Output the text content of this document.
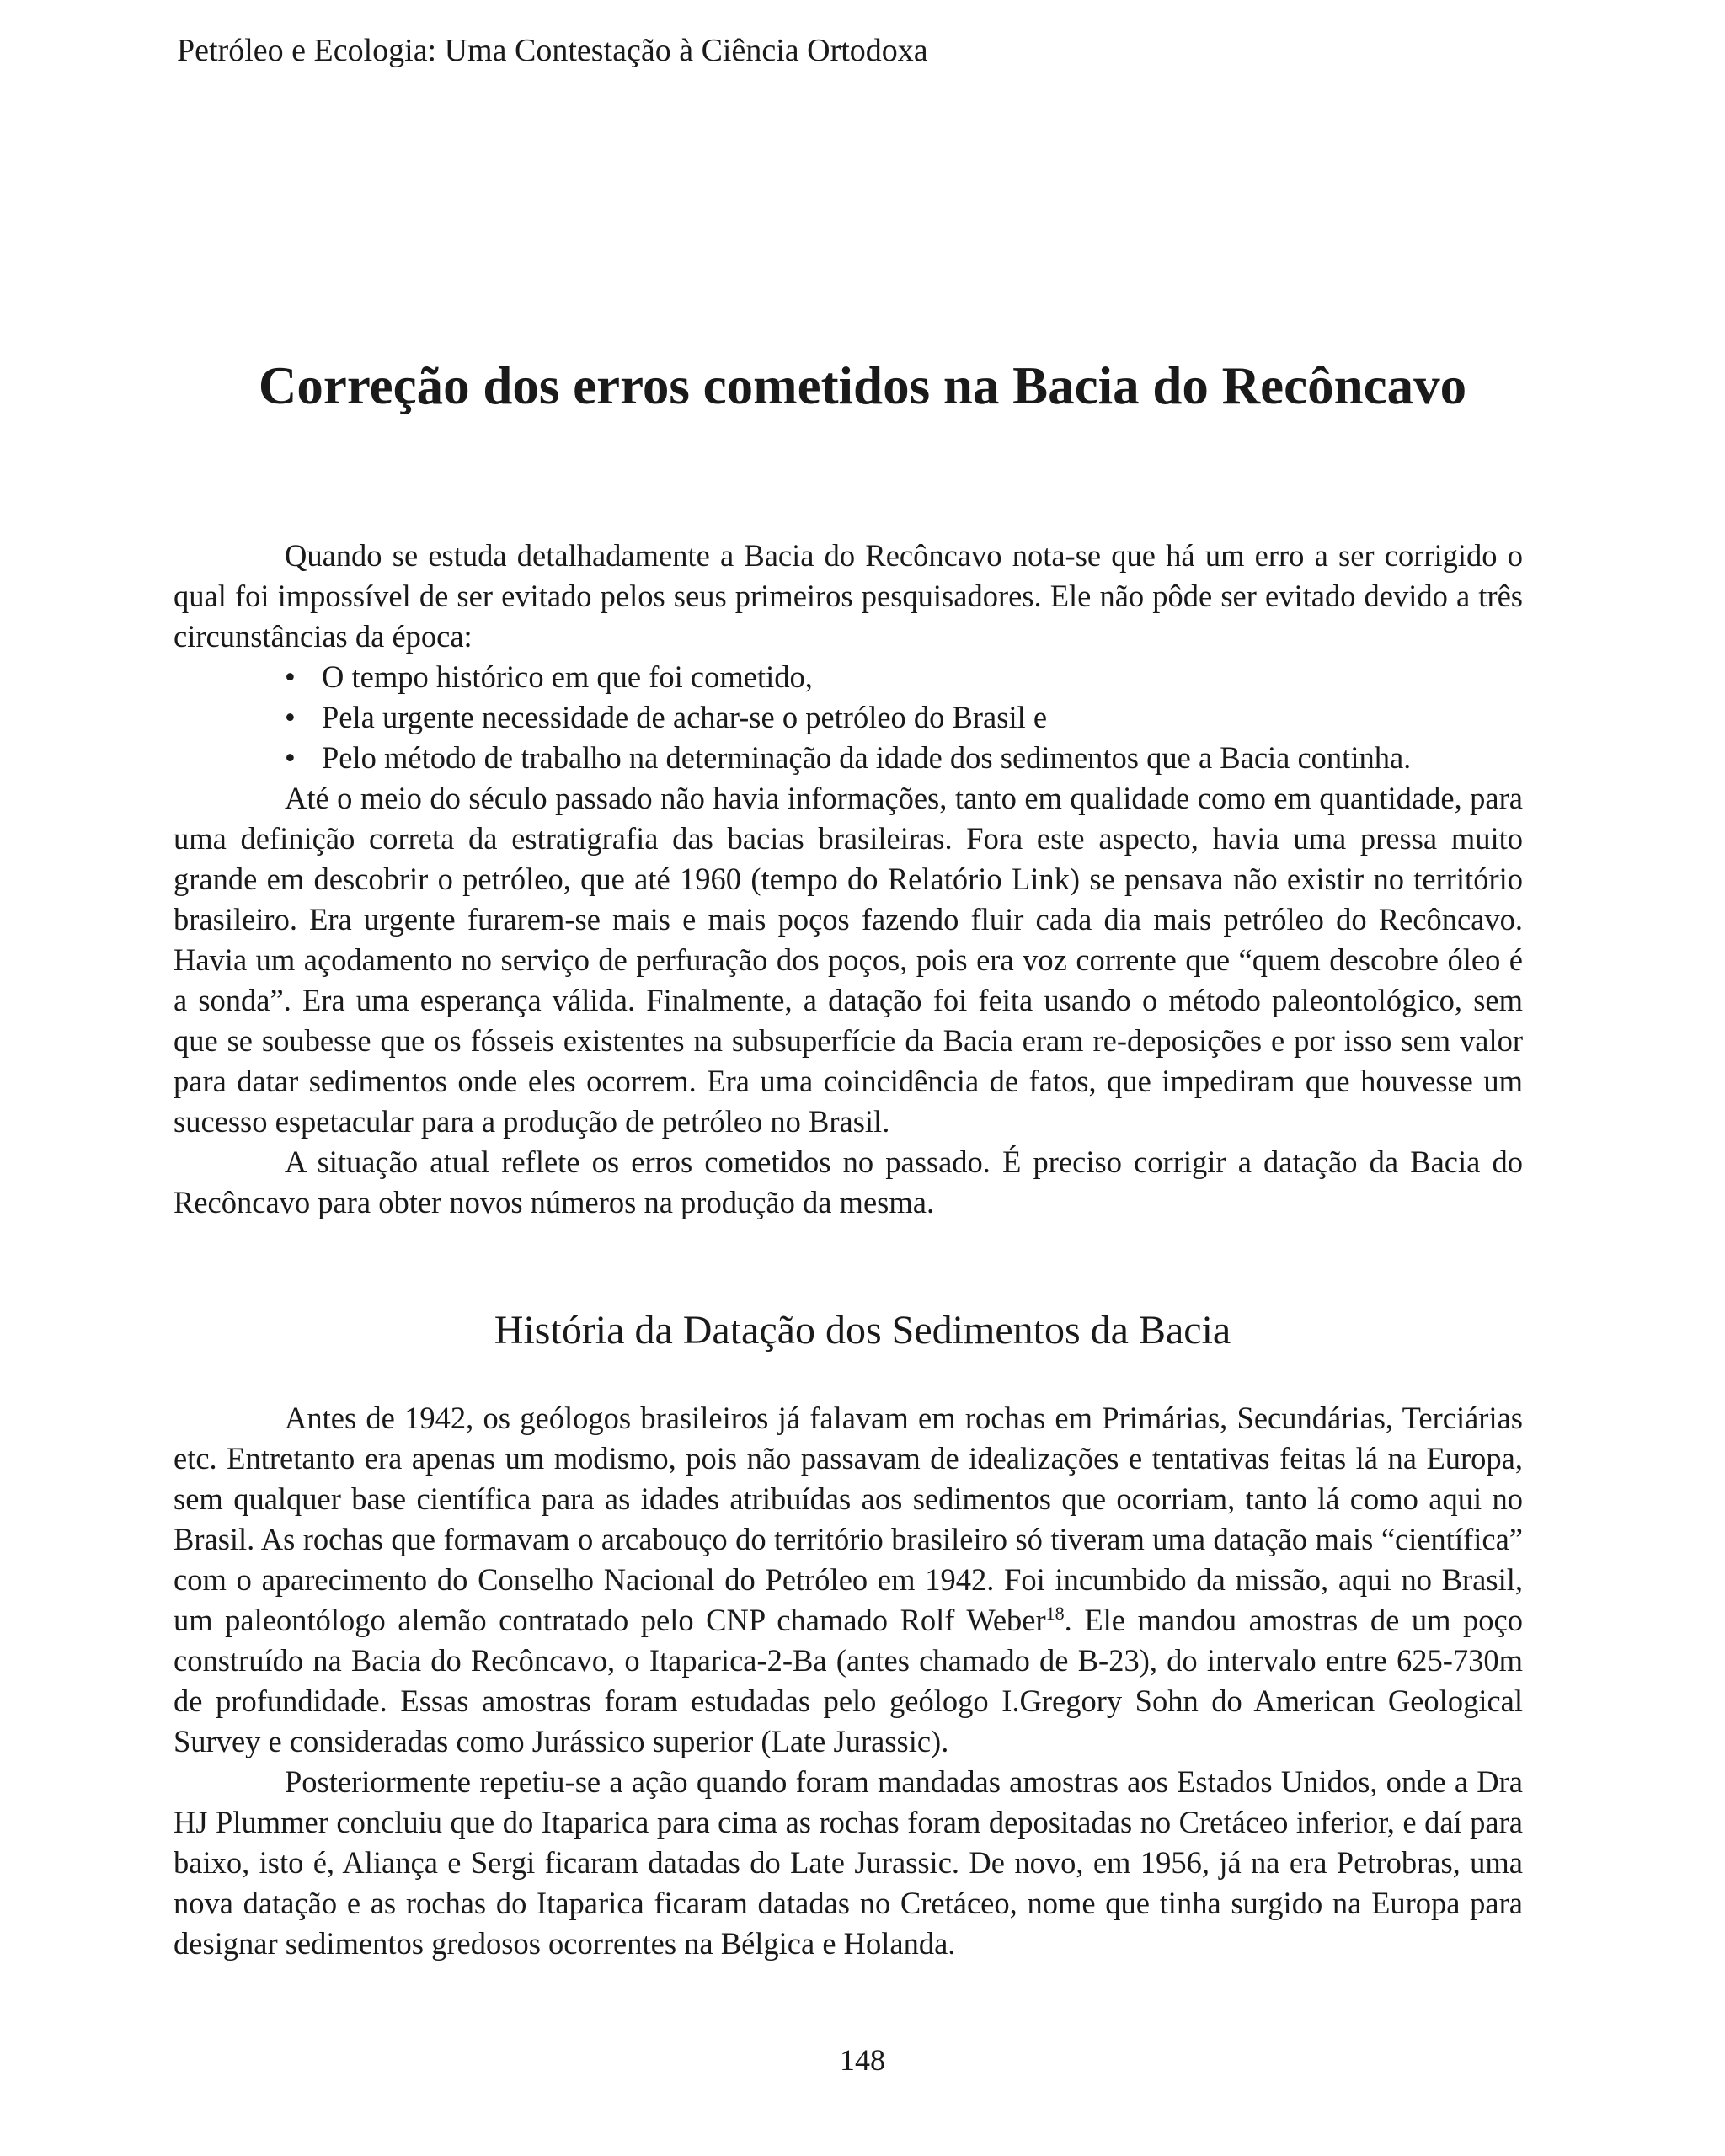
Petróleo e Ecologia: Uma Contestação à Ciência Ortodoxa
Correção dos erros cometidos na Bacia do Recôncavo

Quando se estuda detalhadamente a Bacia do Recôncavo nota-se que há um erro a ser corrigido o qual foi impossível de ser evitado pelos seus primeiros pesquisadores. Ele não pôde ser evitado devido a três circunstâncias da época:

• O tempo histórico em que foi cometido,
• Pela urgente necessidade de achar-se o petróleo do Brasil e
• Pelo método de trabalho na determinação da idade dos sedimentos que a Bacia continha.

Até o meio do século passado não havia informações, tanto em qualidade como em quantidade, para uma definição correta da estratigrafia das bacias brasileiras. Fora este aspecto, havia uma pressa muito grande em descobrir o petróleo, que até 1960 (tempo do Relatório Link) se pensava não existir no território brasileiro. Era urgente furarem-se mais e mais poços fazendo fluir cada dia mais petróleo do Recôncavo. Havia um açodamento no serviço de perfuração dos poços, pois era voz corrente que “quem descobre óleo é a sonda”. Era uma esperança válida. Finalmente, a datação foi feita usando o método paleontológico, sem que se soubesse que os fósseis existentes na subsuperfície da Bacia eram re-deposições e por isso sem valor para datar sedimentos onde eles ocorrem. Era uma coincidência de fatos, que impediram que houvesse um sucesso espetacular para a produção de petróleo no Brasil.

A situação atual reflete os erros cometidos no passado. É preciso corrigir a datação da Bacia do Recôncavo para obter novos números na produção da mesma.

História da Datação dos Sedimentos da Bacia

Antes de 1942, os geólogos brasileiros já falavam em rochas em Primárias, Secundárias, Terciárias etc. Entretanto era apenas um modismo, pois não passavam de idealizações e tentativas feitas lá na Europa, sem qualquer base científica para as idades atribuídas aos sedimentos que ocorriam, tanto lá como aqui no Brasil. As rochas que formavam o arcabouço do território brasileiro só tiveram uma datação mais “científica” com o aparecimento do Conselho Nacional do Petróleo em 1942. Foi incumbido da missão, aqui no Brasil, um paleontólogo alemão contratado pelo CNP chamado Rolf Weber$^{18}$. Ele mandou amostras de um poço construído na Bacia do Recôncavo, o Itaparica-2-Ba (antes chamado de B-23), do intervalo entre 625-730m de profundidade. Essas amostras foram estudadas pelo geólogo I.Gregory Sohn do American Geological Survey e consideradas como Jurássico superior (Late Jurassic).

Posteriormente repetiu-se a ação quando foram mandadas amostras aos Estados Unidos, onde a Dra HJ Plummer concluiu que do Itaparica para cima as rochas foram depositadas no Cretáceo inferior, e daí para baixo, isto é, Aliança e Sergi ficaram datadas do Late Jurassic. De novo, em 1956, já na era Petrobras, uma nova datação e as rochas do Itaparica ficaram datadas no Cretáceo, nome que tinha surgido na Europa para designar sedimentos gredosos ocorrentes na Bélgica e Holanda.

148
